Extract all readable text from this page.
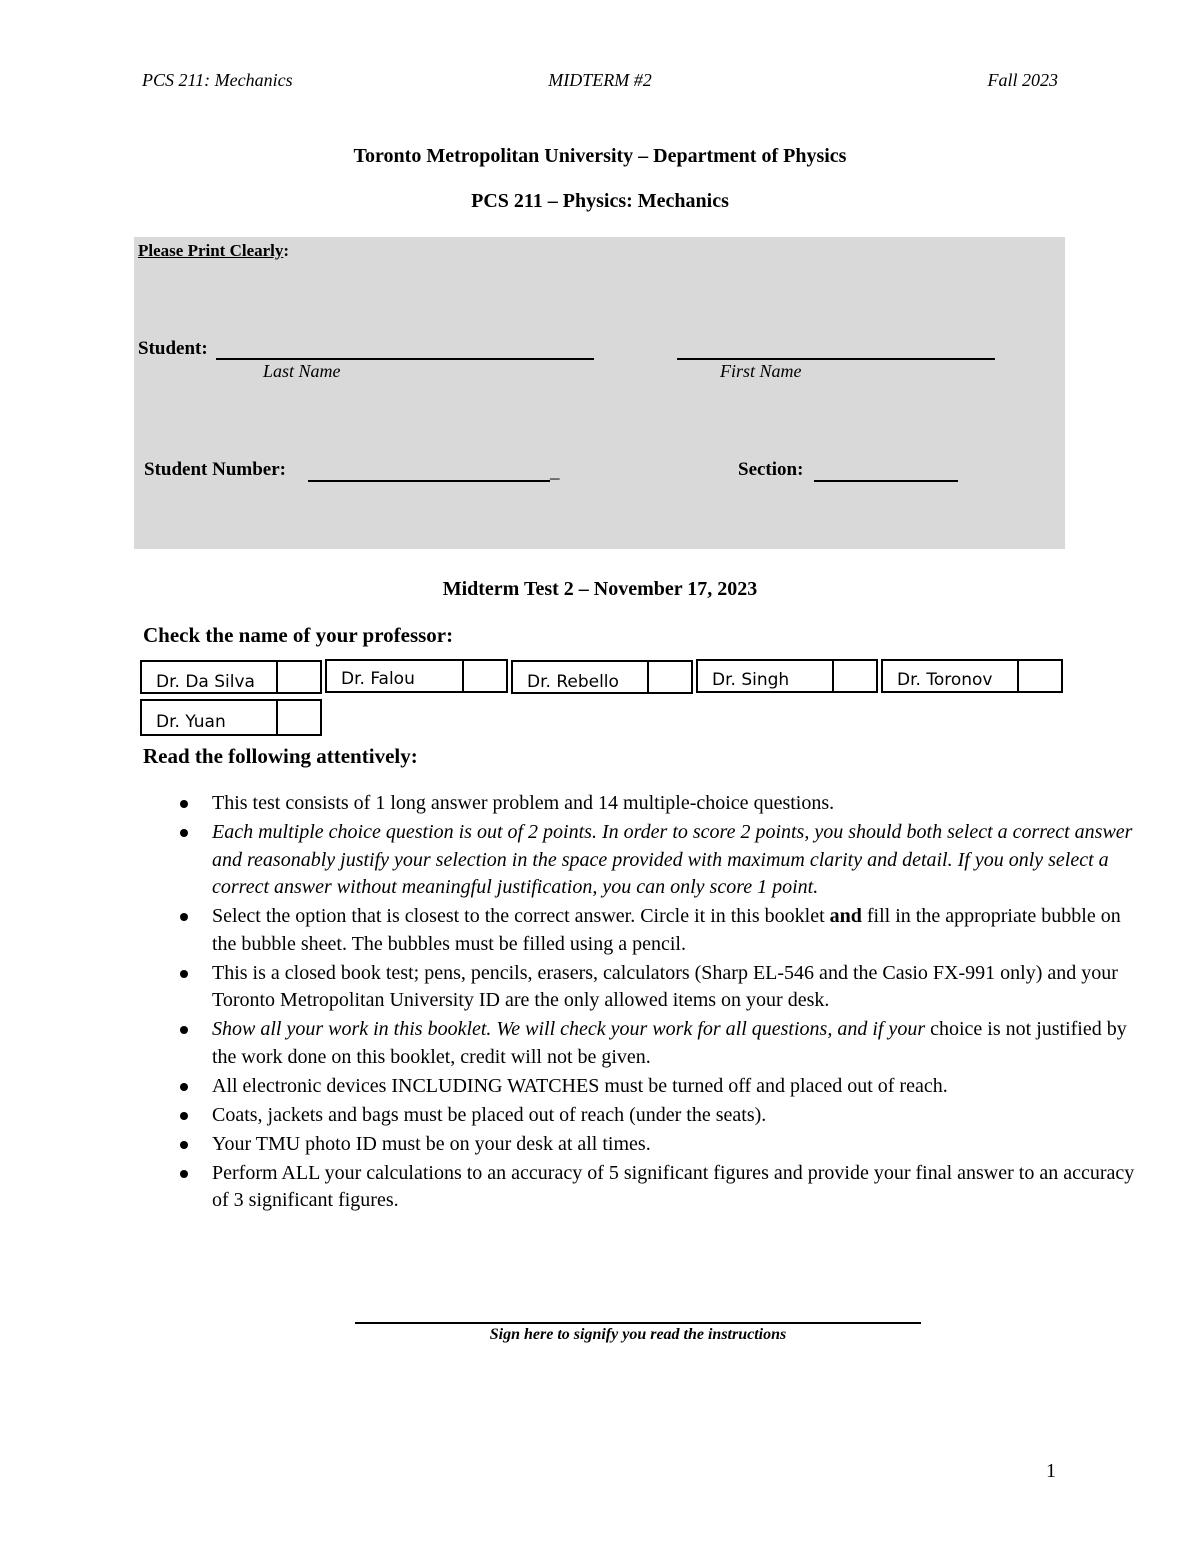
PCS 211: Mechanics	MIDTERM #2	Fall 2023
Toronto Metropolitan University – Department of Physics
PCS 211 – Physics: Mechanics
Please Print Clearly:
Student:
Last Name	First Name
Student Number:	_	Section:
Midterm Test 2 – November 17, 2023
Check the name of your professor:
Dr. Da Silva	Dr. Falou	Dr. Rebello	Dr. Singh	Dr. Toronov
Dr. Yuan
Read the following attentively:
This test consists of 1 long answer problem and 14 multiple-choice questions.
Each multiple choice question is out of 2 points. In order to score 2 points, you should both select a correct answer and reasonably justify your selection in the space provided with maximum clarity and detail. If you only select a correct answer without meaningful justification, you can only score 1 point.
Select the option that is closest to the correct answer. Circle it in this booklet and fill in the appropriate bubble on the bubble sheet. The bubbles must be filled using a pencil.
This is a closed book test; pens, pencils, erasers, calculators (Sharp EL-546 and the Casio FX-991 only) and your Toronto Metropolitan University ID are the only allowed items on your desk.
Show all your work in this booklet. We will check your work for all questions, and if your choice is not justified by the work done on this booklet, credit will not be given.
All electronic devices INCLUDING WATCHES must be turned off and placed out of reach.
Coats, jackets and bags must be placed out of reach (under the seats).
Your TMU photo ID must be on your desk at all times.
Perform ALL your calculations to an accuracy of 5 significant figures and provide your final answer to an accuracy of 3 significant figures.
Sign here to signify you read the instructions
1
